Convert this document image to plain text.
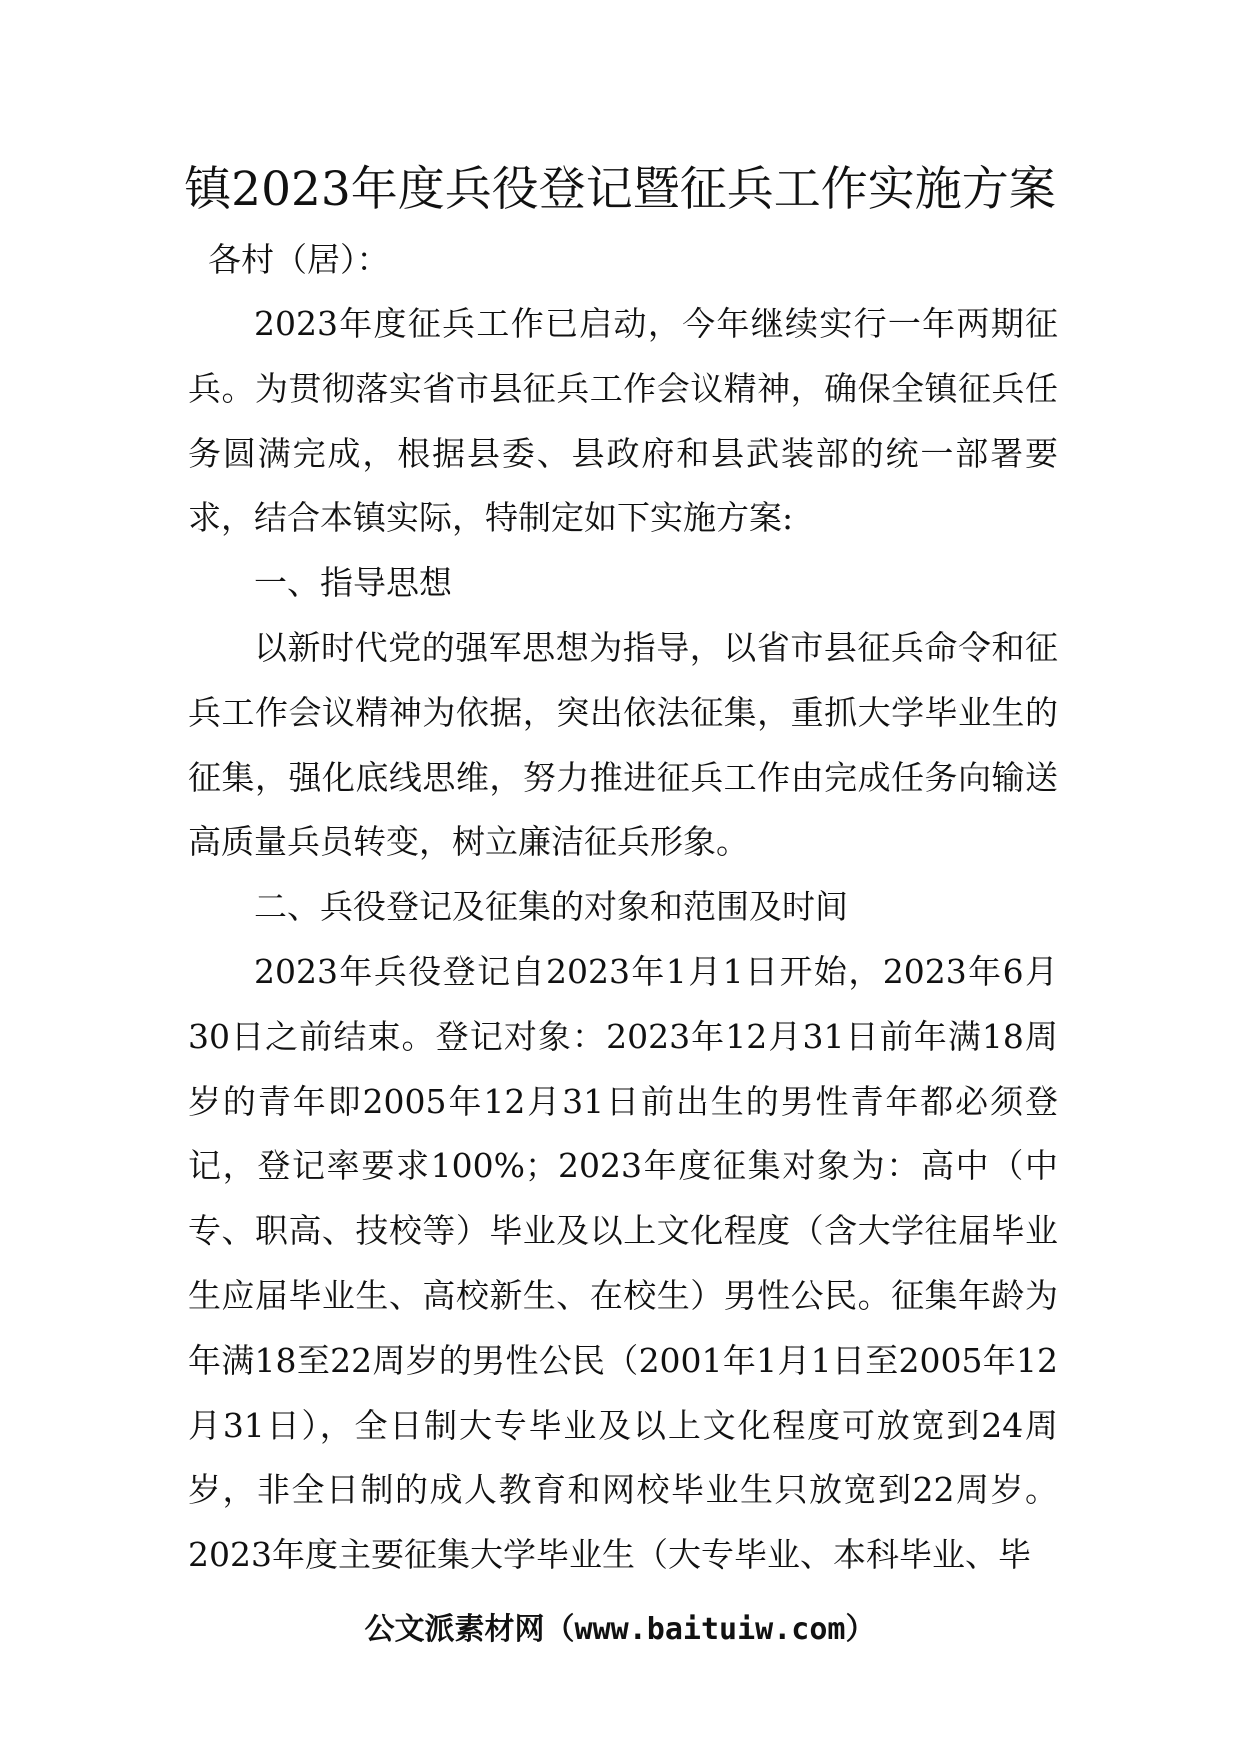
镇2023年度兵役登记暨征兵工作实施方案

各村（居）：

2023年度征兵工作已启动，今年继续实行一年两期征兵。为贯彻落实省市县征兵工作会议精神，确保全镇征兵任务圆满完成，根据县委、县政府和县武装部的统一部署要求，结合本镇实际，特制定如下实施方案:

一、指导思想

以新时代党的强军思想为指导，以省市县征兵命令和征兵工作会议精神为依据，突出依法征集，重抓大学毕业生的征集，强化底线思维，努力推进征兵工作由完成任务向输送高质量兵员转变，树立廉洁征兵形象。

二、兵役登记及征集的对象和范围及时间

2023年兵役登记自2023年1月1日开始，2023年6月30日之前结束。登记对象：2023年12月31日前年满18周岁的青年即2005年12月31日前出生的男性青年都必须登记，登记率要求100%；2023年度征集对象为：高中（中专、职高、技校等）毕业及以上文化程度（含大学往届毕业生应届毕业生、高校新生、在校生）男性公民。征集年龄为年满18至22周岁的男性公民（2001年1月1日至2005年12月31日），全日制大专毕业及以上文化程度可放宽到24周岁，非全日制的成人教育和网校毕业生只放宽到22周岁。2023年度主要征集大学毕业生（大专毕业、本科毕业、毕

公文派素材网（www.baituiw.com）
